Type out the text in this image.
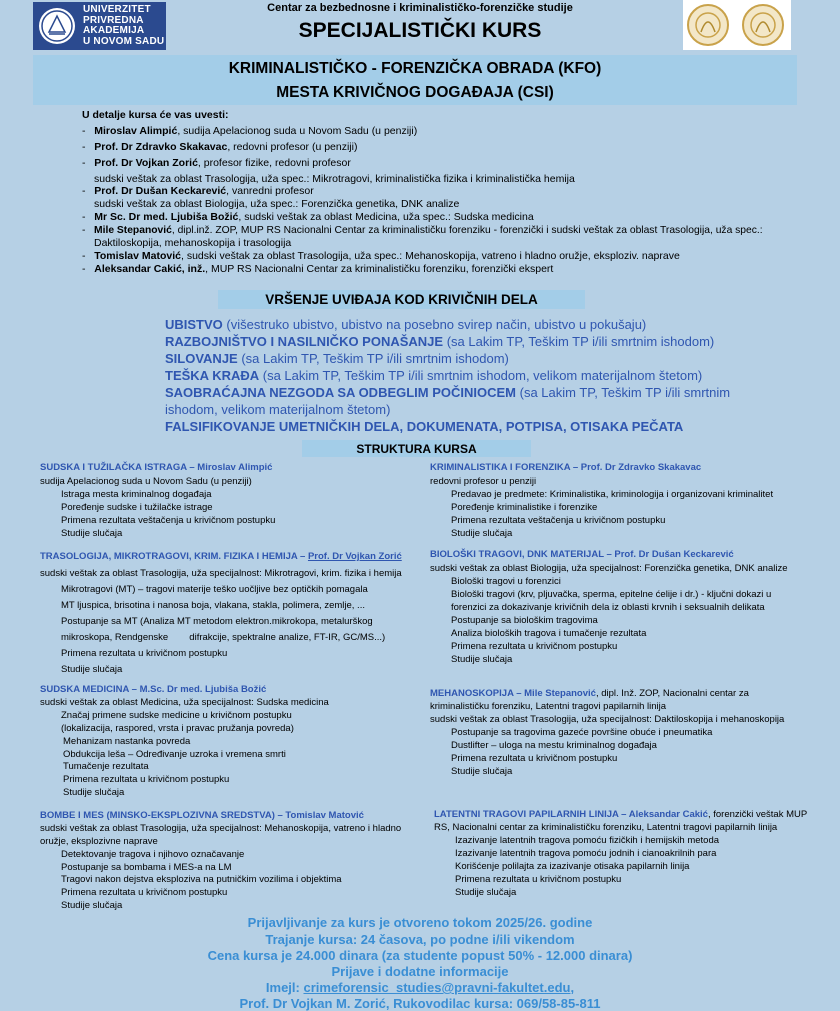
UNIVERZITET
PRIVREDNA
AKADEMIJA
U NOVOM SADU
Centar za bezbednosne i kriminalističko-forenzičke studije
SPECIJALISTIČKI KURS
KRIMINALISTIČKO - FORENZIČKA OBRADA (KFO)
MESTA KRIVIČNOG DOGAĐAJA (CSI)
U detalje kursa će vas uvesti:
-   Miroslav Alimpić, sudija Apelacionog suda u Novom Sadu (u penziji)
-   Prof. Dr Zdravko Skakavac, redovni profesor (u penziji)
-   Prof. Dr Vojkan Zorić, profesor fizike, redovni profesor
sudski veštak za oblast Trasologija, uža spec.: Mikrotragovi, kriminalistička fizika i kriminalistička hemija
-   Prof. Dr Dušan Keckarević, vanredni profesor
sudski veštak za oblast Biologija, uža spec.: Forenzička genetika, DNK analize
-   Mr Sc. Dr med. Ljubiša Božić, sudski veštak za oblast Medicina, uža spec.: Sudska medicina
-   Mile Stepanović, dipl.inž. ZOP, MUP RS Nacionalni Centar za kriminalističku forenziku - forenzički i sudski veštak za oblast Trasologija, uža spec.:
Daktiloskopija, mehanoskopija i trasologija
-   Tomislav Matović, sudski veštak za oblast Trasologija, uža spec.: Mehanoskopija, vatreno i hladno oružje, eksploziv. naprave
-   Aleksandar Cakić, inž., MUP RS Nacionalni Centar za kriminalističku forenziku, forenzički ekspert
VRŠENJE UVIĐAJA KOD KRIVIČNIH DELA
UBISTVO (višestruko ubistvo, ubistvo na posebno svirep način, ubistvo u pokušaju)
RAZBOJNIŠTVO I NASILNIČKO PONAŠANJE (sa Lakim TP, Teškim TP i/ili smrtnim ishodom)
SILOVANJE (sa Lakim TP, Teškim TP i/ili smrtnim ishodom)
TEŠKA KRAĐA (sa Lakim TP, Teškim TP i/ili smrtnim ishodom, velikom materijalnom štetom)
SAOBRAĆAJNA NEZGODA SA ODBEGLIM POČINIOCEM (sa Lakim TP, Teškim TP i/ili smrtnim
ishodom, velikom materijalnom štetom)
FALSIFIKOVANJE UMETNIČKIH DELA, DOKUMENATA, POTPISA, OTISAKA PEČATA
STRUKTURA KURSA
SUDSKA I TUŽILAČKA ISTRAGA – Miroslav Alimpić
sudija Apelacionog suda u Novom Sadu (u penziji)
Istraga mesta kriminalnog događaja
Poređenje sudske i tužilačke istrage
Primena rezultata veštačenja u krivičnom postupku
Studije slučaja
TRASOLOGIJA, MIKROTRAGOVI, KRIM. FIZIKA I HEMIJA – Prof. Dr Vojkan Zorić
sudski veštak za oblast Trasologija, uža specijalnost: Mikrotragovi, krim. fizika i hemija
Mikrotragovi (MT) – tragovi materije teško uočljive bez optičkih pomagala
MT ljuspica, brisotina i nanosa boja, vlakana, stakla, polimera, zemlje, ...
Postupanje sa MT (Analiza MT metodom elektron.mikrokopa, metalurškog
mikroskopa, Rendgenske        difrakcije, spektralne analize, FT-IR, GC/MS...)
Primena rezultata u krivičnom postupku
Studije slučaja
SUDSKA MEDICINA – M.Sc. Dr med. Ljubiša Božić
sudski veštak za oblast Medicina, uža specijalnost: Sudska medicina
Značaj primene sudske medicine u krivičnom postupku
(lokalizacija, raspored, vrsta i pravac pružanja povreda)
Mehanizam nastanka povreda
Obdukcija leša – Određivanje uzroka i vremena smrti
Tumačenje rezultata
Primena rezultata u krivičnom postupku
Studije slučaja
BOMBE I MES (MINSKO-EKSPLOZIVNA SREDSTVA) – Tomislav Matović
sudski veštak za oblast Trasologija, uža specijalnost: Mehanoskopija, vatreno i hladno
oružje, eksplozivne naprave
Detektovanje tragova i njihovo označavanje
Postupanje sa bombama i MES-a na LM
Tragovi nakon dejstva eksploziva na putničkim vozilima i objektima
Primena rezultata u krivičnom postupku
Studije slučaja
KRIMINALISTIKA I FORENZIKA – Prof. Dr Zdravko Skakavac
redovni profesor u penziji
Predavao je predmete: Kriminalistika, kriminologija i organizovani kriminalitet
Poređenje kriminalistike i forenzike
Primena rezultata veštačenja u krivičnom postupku
Studije slučaja
BIOLOŠKI TRAGOVI, DNK MATERIJAL – Prof. Dr Dušan Keckarević
sudski veštak za oblast Biologija, uža specijalnost: Forenzička genetika, DNK analize
Biološki tragovi u forenzici
Biološki tragovi (krv, pljuvačka, sperma, epitelne ćelije i dr.) - ključni dokazi u
forenzici za dokazivanje krivičnih dela iz oblasti krvnih i seksualnih delikata
Postupanje sa biološkim tragovima
Analiza bioloških tragova i tumačenje rezultata
Primena rezultata u krivičnom postupku
Studije slučaja
MEHANOSKOPIJA – Mile Stepanović, dipl. Inž. ZOP, Nacionalni centar za
kriminalističku forenziku, Latentni tragovi papilarnih linija
sudski veštak za oblast Trasologija, uža specijalnost: Daktiloskopija i mehanoskopija
Postupanje sa tragovima gazeće površine obuće i pneumatika
Dustlifter – uloga na mestu kriminalnog događaja
Primena rezultata u krivičnom postupku
Studije slučaja
LATENTNI TRAGOVI PAPILARNIH LINIJA – Aleksandar Cakić, forenzički veštak MUP
RS, Nacionalni centar za kriminalističku forenziku, Latentni tragovi papilarnih linija
Izazivanje latentnih tragova pomoću fizičkih i hemijskih metoda
Izazivanje latentnih tragova pomoću jodnih i cianoakrilnih para
Korišćenje polilajta za izazivanje otisaka papilarnih linija
Primena rezultata u krivičnom postupku
Studije slučaja
Prijavljivanje za kurs je otvoreno tokom 2025/26. godine
Trajanje kursa: 24 časova, po podne i/ili vikendom
Cena kursa je 24.000 dinara (za studente popust 50% - 12.000 dinara)
Prijave i dodatne informacije
Imejl: crimeforensic_studies@pravni-fakultet.edu,
Prof. Dr Vojkan M. Zorić, Rukovodilac kursa: 069/58-85-811
